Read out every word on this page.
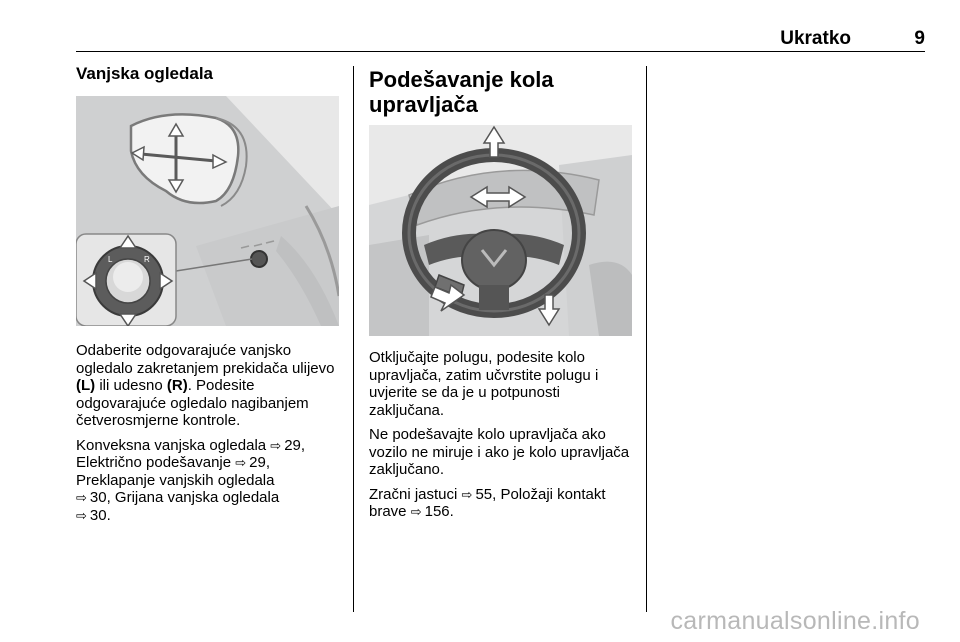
Ukratko	9
Vanjska ogledala
L	R

Odaberite odgovarajuće vanjsko ogledalo zakretanjem prekidača ulijevo (L) ili udesno (R). Podesite odgovarajuće ogledalo nagibanjem četverosmjerne kontrole.

Konveksna vanjska ogledala ⇨ 29, Električno podešavanje ⇨ 29, Preklapanje vanjskih ogledala
⇨ 30, Grijana vanjska ogledala
⇨ 30.

Podešavanje kola upravljača

Otključajte polugu, podesite kolo upravljača, zatim učvrstite polugu i uvjerite se da je u potpunosti zaključana.

Ne podešavajte kolo upravljača ako vozilo ne miruje i ako je kolo upravljača zaključano.

Zračni jastuci ⇨ 55, Položaji kontakt brave ⇨ 156.

carmanualsonline.info
